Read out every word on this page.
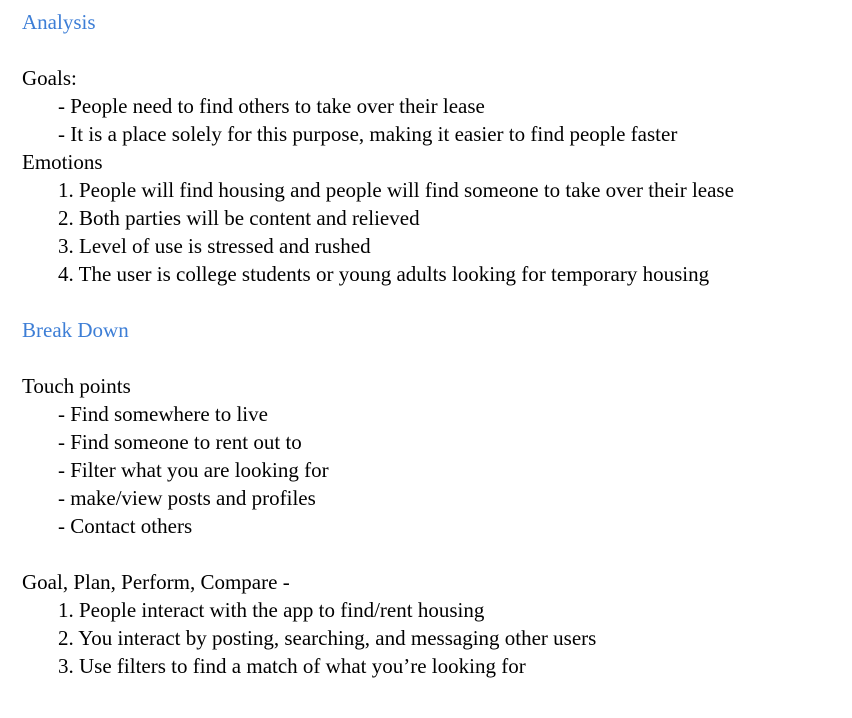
Analysis
Goals:
- People need to find others to take over their lease
- It is a place solely for this purpose, making it easier to find people faster
Emotions
1. People will find housing and people will find someone to take over their lease
2. Both parties will be content and relieved
3. Level of use is stressed and rushed
4. The user is college students or young adults looking for temporary housing
Break Down
Touch points
- Find somewhere to live
- Find someone to rent out to
- Filter what you are looking for
- make/view posts and profiles
- Contact others
Goal, Plan, Perform, Compare -
1. People interact with the app to find/rent housing
2. You interact by posting, searching, and messaging other users
3. Use filters to find a match of what you’re looking for
